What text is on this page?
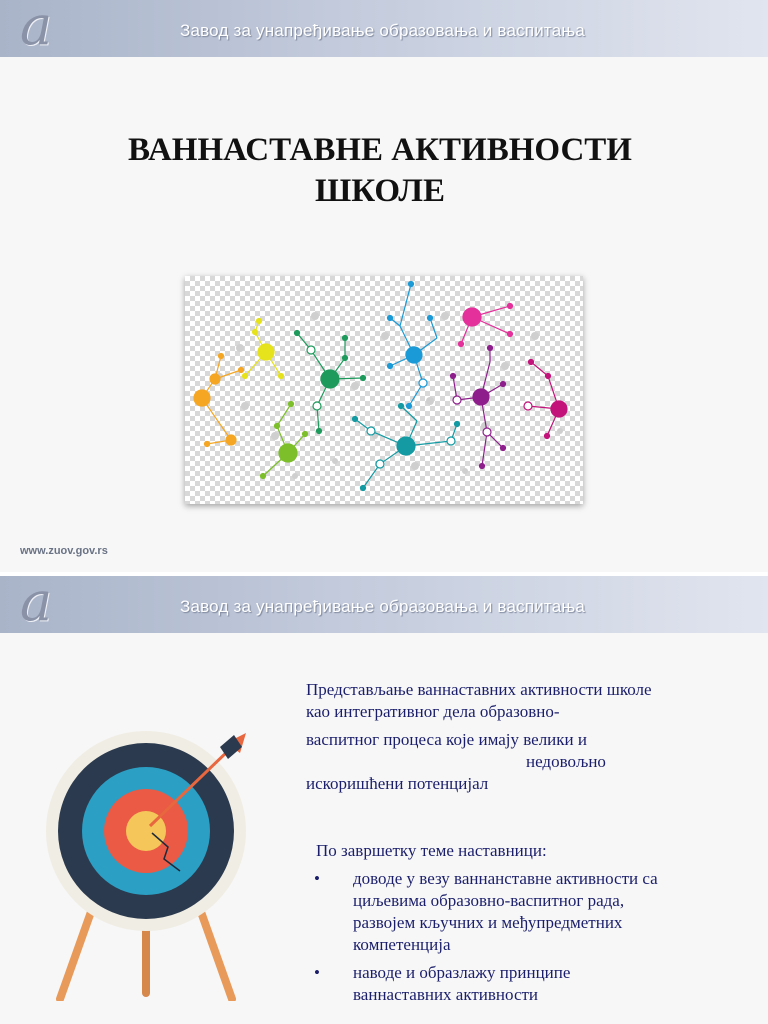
a	Завод за унапређивање образовања и васпитања
ВАННАСТАВНЕ АКТИВНОСТИ
ШКОЛЕ
www.zuov.gov.rs
a	Завод за унапређивање образовања и васпитања
Представљање ваннаставних активности школе
као интегративног дела образовно-
васпитног процеса које имају велики и
недовољно
искоришћени потенцијал
По завршетку теме наставници:
• доводе у везу ваннанставне активности са
циљевима образовно-васпитног рада,
развојем кључних и међупредметних
компетенција
• наводе и образлажу принципе
ваннаставних активности
